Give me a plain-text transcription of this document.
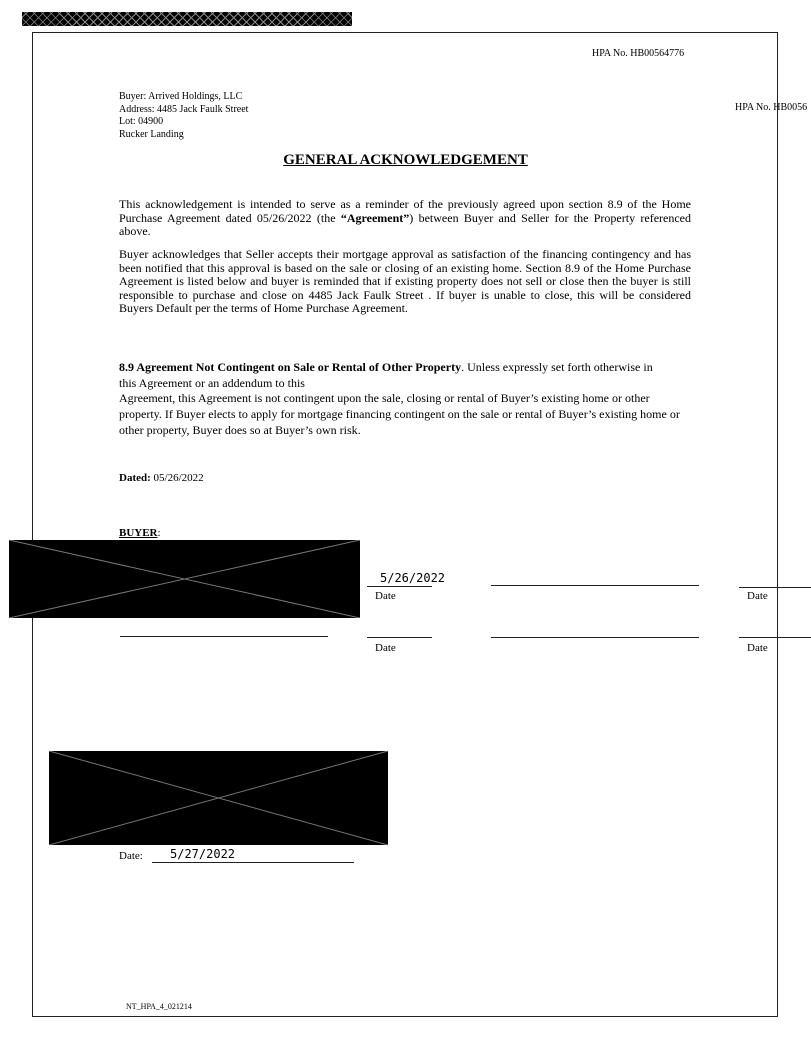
HPA No. HB00564776
HPA No. HB0056
Buyer: Arrived Holdings, LLC
Address: 4485 Jack Faulk Street
Lot: 04900
Rucker Landing
GENERAL ACKNOWLEDGEMENT
This acknowledgement is intended to serve as a reminder of the previously agreed upon section 8.9 of the Home Purchase Agreement dated 05/26/2022 (the “Agreement”) between Buyer and Seller for the Property referenced above.
Buyer acknowledges that Seller accepts their mortgage approval as satisfaction of the financing contingency and has been notified that this approval is based on the sale or closing of an existing home. Section 8.9 of the Home Purchase Agreement is listed below and buyer is reminded that if existing property does not sell or close then the buyer is still responsible to purchase and close on 4485 Jack Faulk Street . If buyer is unable to close, this will be considered Buyers Default per the terms of Home Purchase Agreement.
8.9 Agreement Not Contingent on Sale or Rental of Other Property. Unless expressly set forth otherwise in this Agreement or an addendum to this
Agreement, this Agreement is not contingent upon the sale, closing or rental of Buyer’s existing home or other property. If Buyer elects to apply for mortgage financing contingent on the sale or rental of Buyer’s existing home or other property, Buyer does so at Buyer’s own risk.
Dated: 05/26/2022
BUYER:
5/26/2022
Date	Date
Date	Date
Date: 5/27/2022
NT_HPA_4_021214
